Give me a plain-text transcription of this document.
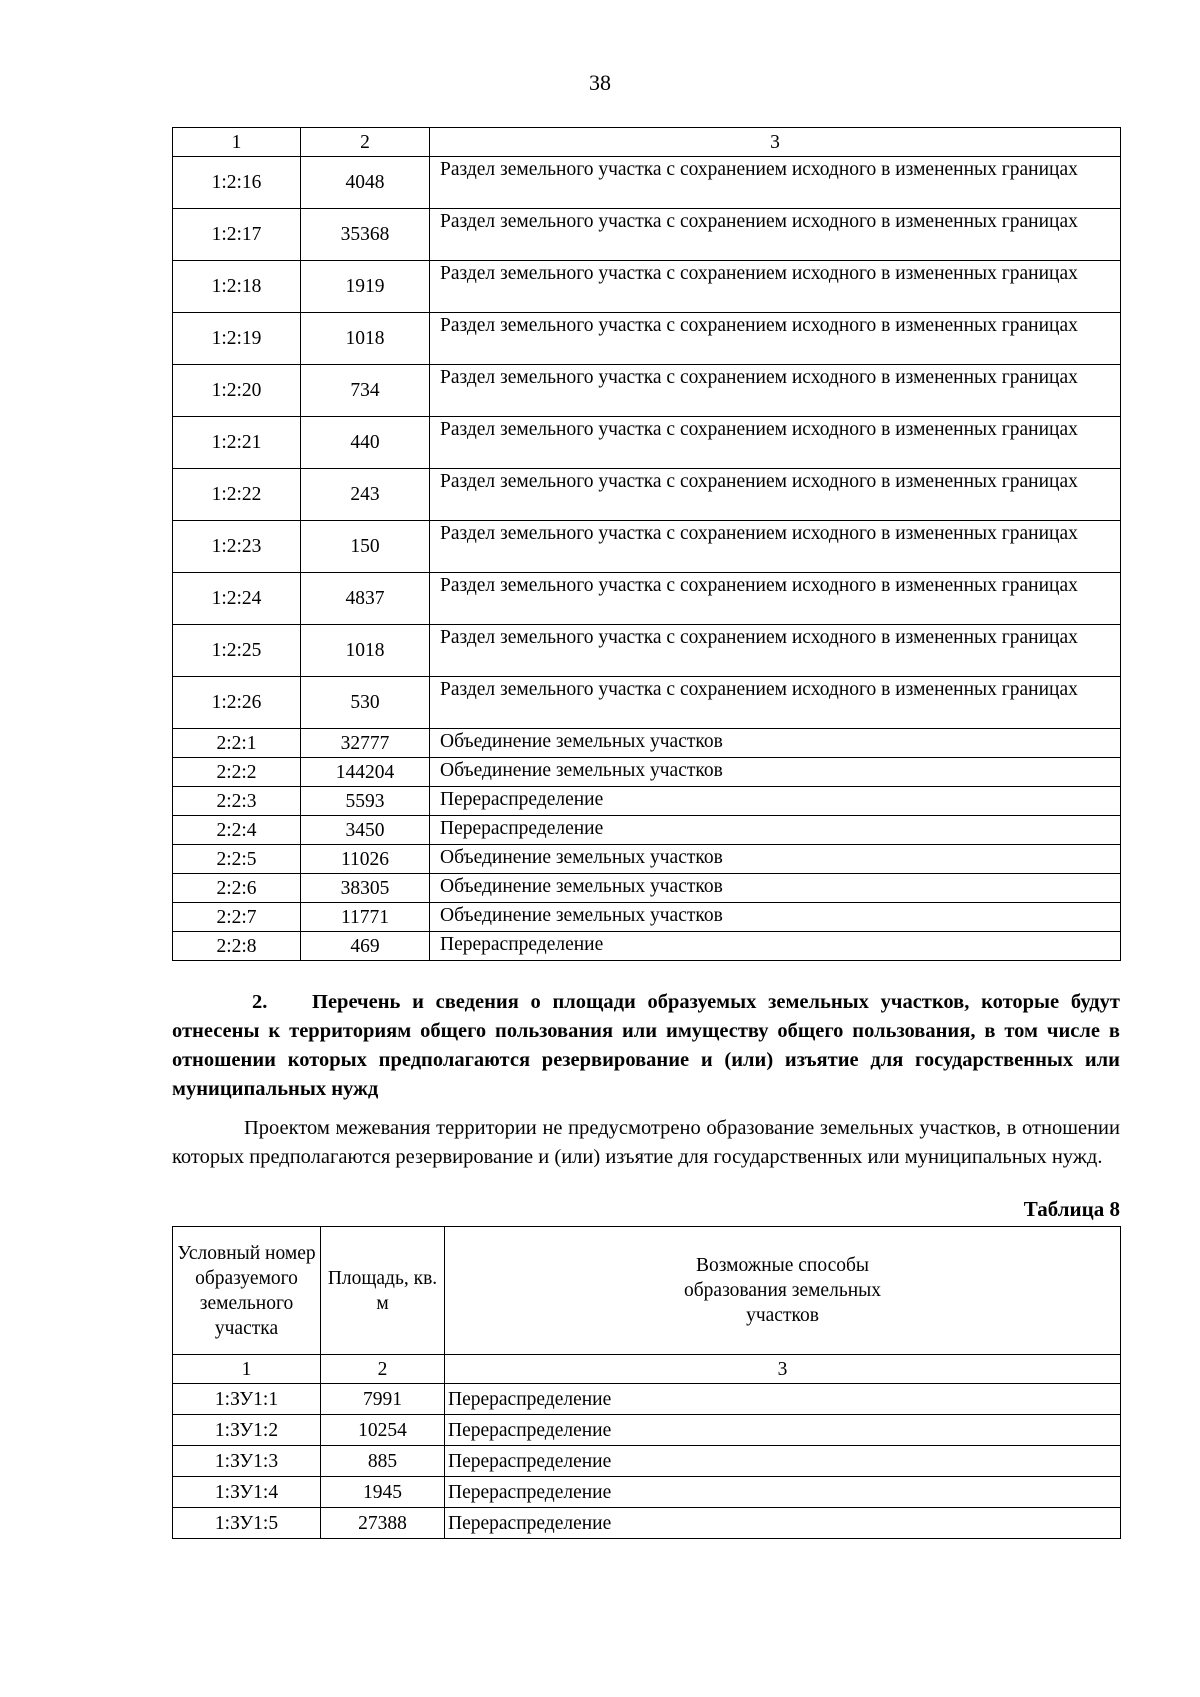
38
1	2	3
1:2:16	4048	Раздел земельного участка с сохранением исходного в измененных границах
1:2:17	35368	Раздел земельного участка с сохранением исходного в измененных границах
1:2:18	1919	Раздел земельного участка с сохранением исходного в измененных границах
1:2:19	1018	Раздел земельного участка с сохранением исходного в измененных границах
1:2:20	734	Раздел земельного участка с сохранением исходного в измененных границах
1:2:21	440	Раздел земельного участка с сохранением исходного в измененных границах
1:2:22	243	Раздел земельного участка с сохранением исходного в измененных границах
1:2:23	150	Раздел земельного участка с сохранением исходного в измененных границах
1:2:24	4837	Раздел земельного участка с сохранением исходного в измененных границах
1:2:25	1018	Раздел земельного участка с сохранением исходного в измененных границах
1:2:26	530	Раздел земельного участка с сохранением исходного в измененных границах
2:2:1	32777	Объединение земельных участков
2:2:2	144204	Объединение земельных участков
2:2:3	5593	Перераспределение
2:2:4	3450	Перераспределение
2:2:5	11026	Объединение земельных участков
2:2:6	38305	Объединение земельных участков
2:2:7	11771	Объединение земельных участков
2:2:8	469	Перераспределение
2. Перечень и сведения о площади образуемых земельных участков, которые будут отнесены к территориям общего пользования или имуществу общего пользования, в том числе в отношении которых предполагаются резервирование и (или) изъятие для государственных или муниципальных нужд
Проектом межевания территории не предусмотрено образование земельных участков, в отношении которых предполагаются резервирование и (или) изъятие для государственных или муниципальных нужд.
Таблица 8
Условный номер образуемого земельного участка	Площадь, кв. м	Возможные способы образования земельных участков
1	2	3
1:ЗУ1:1	7991	Перераспределение
1:ЗУ1:2	10254	Перераспределение
1:ЗУ1:3	885	Перераспределение
1:ЗУ1:4	1945	Перераспределение
1:ЗУ1:5	27388	Перераспределение
